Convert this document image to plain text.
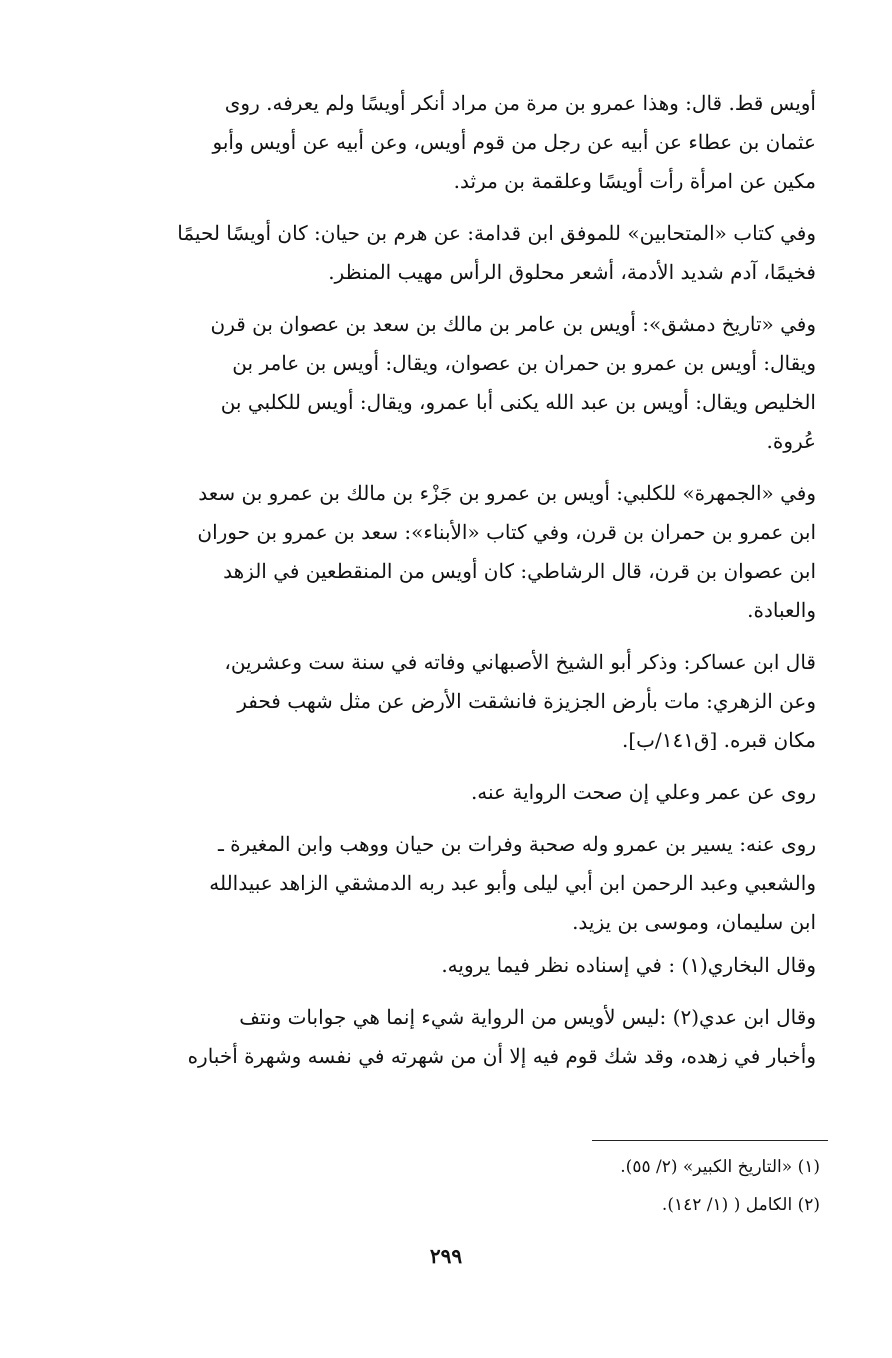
أويس قط. قال: وهذا عمرو بن مرة من مراد أنكر أويسًا ولم يعرفه. روى
عثمان بن عطاء عن أبيه عن رجل من قوم أويس، وعن أبيه عن أويس وأبو
مكين عن امرأة رأت أويسًا وعلقمة بن مرثد.

وفي كتاب «المتحابين» للموفق ابن قدامة: عن هرم بن حيان: كان أويسًا لحيمًا
فخيمًا، آدم شديد الأدمة، أشعر محلوق الرأس مهيب المنظر.

وفي «تاريخ دمشق»: أويس بن عامر بن مالك بن سعد بن عصوان بن قرن
ويقال: أويس بن عمرو بن حمران بن عصوان، ويقال: أويس بن عامر بن
الخليص ويقال: أويس بن عبد الله يكنى أبا عمرو، ويقال: أويس للكلبي بن
عُروة.

وفي «الجمهرة» للكلبي: أويس بن عمرو بن جَزْء بن مالك بن عمرو بن سعد
ابن عمرو بن حمران بن قرن، وفي كتاب «الأبناء»: سعد بن عمرو بن حوران
ابن عصوان بن قرن، قال الرشاطي: كان أويس من المنقطعين في الزهد
والعبادة.

قال ابن عساكر: وذكر أبو الشيخ الأصبهاني وفاته في سنة ست وعشرين،
وعن الزهري: مات بأرض الجزيزة فانشقت الأرض عن مثل شهب فحفر
مكان قبره. [ق١٤١/ب].

روى عن عمر وعلي إن صحت الرواية عنه.

روى عنه: يسير بن عمرو وله صحبة وفرات بن حيان ووهب وابن المغيرة ـ
والشعبي وعبد الرحمن ابن أبي ليلى وأبو عبد ربه الدمشقي الزاهد عبيدالله
ابن سليمان، وموسى بن يزيد.

وقال البخاري(١) : في إسناده نظر فيما يرويه.

وقال ابن عدي(٢) :ليس لأويس من الرواية شيء إنما هي جوابات ونتف
وأخبار في زهده، وقد شك قوم فيه إلا أن من شهرته في نفسه وشهرة أخباره

(١) «التاريخ الكبير» (٢/ ٥٥).
(٢) الكامل ( (١/ ١٤٢).
٢٩٩
